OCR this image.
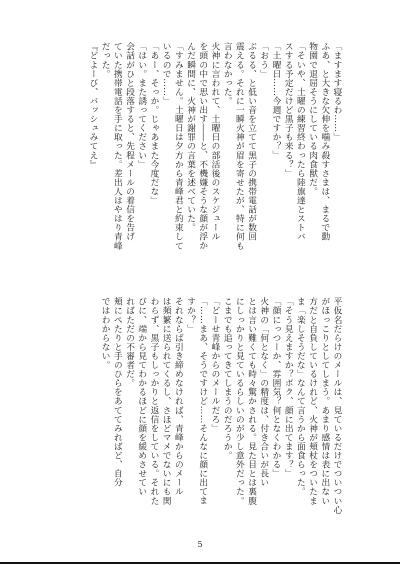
「ますます寝るわ……」

ふあ、と大きな欠伸を噛み殺すさまは、まるで動

物園で退屈そうにしている肉食獣だ。

「そいや、土曜の練習終わったら陸旗達とストバ

スする予定だけど黒子も来る？」

「土曜日……今週ですか？」

「おう」

ぶるる、と低い音を立てて黒子の携帯電話が数回

震える。それに一瞬火神が眉を寄せたが、特に何も

言わなかった。

火神に言われて、土曜日の部活後のスケジュール

を頭の中で思い出す――と、不機嫌そうな顔が浮か

んだ瞬間に、火神が謝罪の言葉を述べていた。

「すみません。土曜日は夕方から青峰君と約束して

いるので……」

「あー、そっか。じゃあまた今度だな」

「はい。また誘ってください」

会話がひと段落すると、先程メールの着信を告げ

ていた携帯電話を手に取った。差出人はやはり青峰

だった。

『どよーび、バッシュみてえ』

平仮名だらけのメールは、見ているだけでついつい心

がほっこりとしてしまう。あまり感情は表に出ない

方だと自負しているけれど、火神が頬杖をついたま

ま「楽しそうだな」なんて言うから面食らった。

「そう見えますか？ボク、顔に出てます？」

「顔にっつーか、雰囲気？何となくわかる」

火神の「何となく」の精度は、付き合いが長い

とは言い難くても時々驚かされる。見た目とは裏腹

にしっかりと見ているらしいのが少し意外だった。

こまでも追ってきてしまうのだろうか。

「どーせ青峰からのメールだろ」

「……まあ、そうですけど……そんなに顔に出てま

すか？」

それならば引き締めなければ、青峰からのメール

は頻繁に送られてくるし、さほどマメでないにも関

わらず、黒子もしっかりと返信をしている。それた

びに、端から見てわかるほどに顔を緩めさせてい

ればただの不審者だ。

頬にぺたりと手のひらをあててみればど、自分

ではわからない。

5
